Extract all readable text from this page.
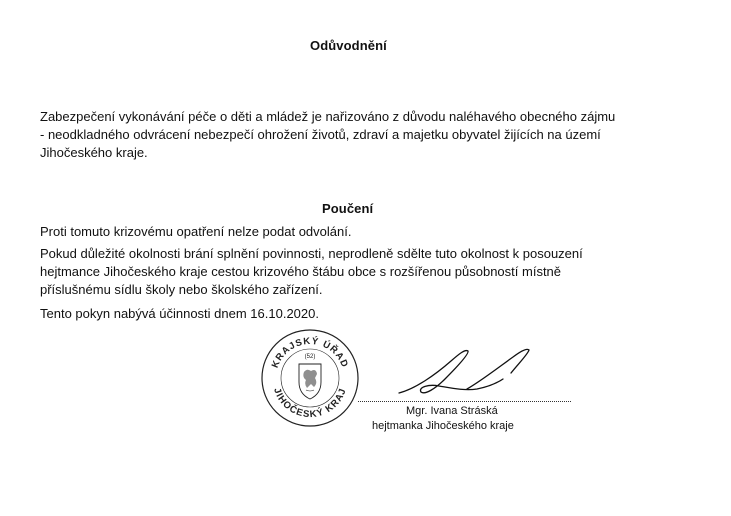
Odůvodnění
Zabezpečení vykonávání péče o děti a mládež je nařizováno z důvodu naléhavého obecného zájmu
- neodkladného odvrácení nebezpečí ohrožení životů, zdraví a majetku obyvatel žijících na území
Jihočeského kraje.
Poučení
Proti tomuto krizovému opatření nelze podat odvolání.
Pokud důležité okolnosti brání splnění povinnosti, neprodleně sdělte tuto okolnost k posouzení
hejtmance Jihočeského kraje cestou krizového štábu obce s rozšířenou působností místně
příslušnému sídlu školy nebo školského zařízení.
Tento pokyn nabývá účinnosti dnem 16.10.2020.
KRAJSKÝ ÚŘAD
JIHOČESKÝ KRAJ
(52)
Mgr. Ivana Stráská
hejtmanka Jihočeského kraje
